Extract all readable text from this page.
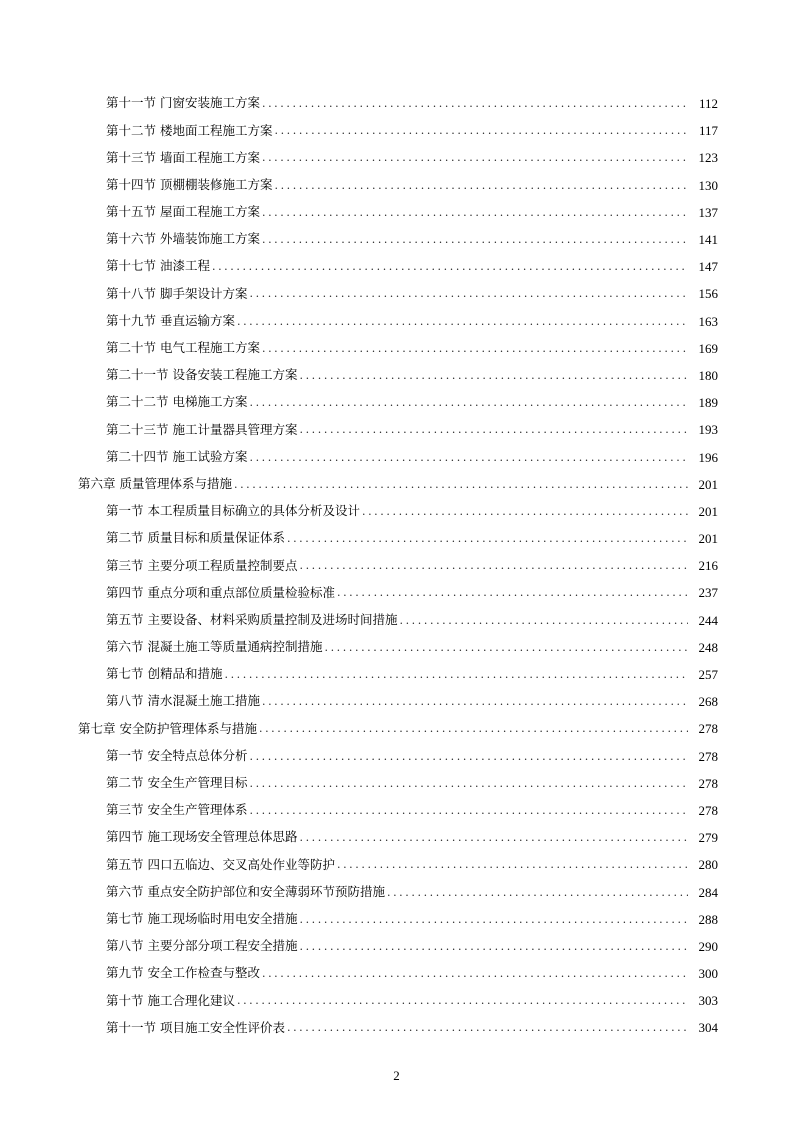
第十一节 门窗安装施工方案 .....	112
第十二节 楼地面工程施工方案 .....	117
第十三节 墙面工程施工方案 .....	123
第十四节 顶棚棚装修施工方案 .....	130
第十五节 屋面工程施工方案 .....	137
第十六节 外墙装饰施工方案 .....	141
第十七节 油漆工程 .....	147
第十八节 脚手架设计方案 .....	156
第十九节 垂直运输方案 .....	163
第二十节 电气工程施工方案 .....	169
第二十一节 设备安装工程施工方案 .....	180
第二十二节 电梯施工方案 .....	189
第二十三节 施工计量器具管理方案 .....	193
第二十四节 施工试验方案 .....	196
第六章 质量管理体系与措施 .....	201
第一节 本工程质量目标确立的具体分析及设计 .....	201
第二节 质量目标和质量保证体系 .....	201
第三节 主要分项工程质量控制要点 .....	216
第四节 重点分项和重点部位质量检验标准 .....	237
第五节 主要设备、材料采购质量控制及进场时间措施 .....	244
第六节 混凝土施工等质量通病控制措施 .....	248
第七节 创精品和措施 .....	257
第八节 清水混凝土施工措施 .....	268
第七章 安全防护管理体系与措施 .....	278
第一节 安全特点总体分析 .....	278
第二节 安全生产管理目标 .....	278
第三节 安全生产管理体系 .....	278
第四节 施工现场安全管理总体思路 .....	279
第五节 四口五临边、交叉高处作业等防护 .....	280
第六节 重点安全防护部位和安全薄弱环节预防措施 .....	284
第七节 施工现场临时用电安全措施 .....	288
第八节 主要分部分项工程安全措施 .....	290
第九节 安全工作检查与整改 .....	300
第十节 施工合理化建议 .....	303
第十一节 项目施工安全性评价表 .....	304
2
